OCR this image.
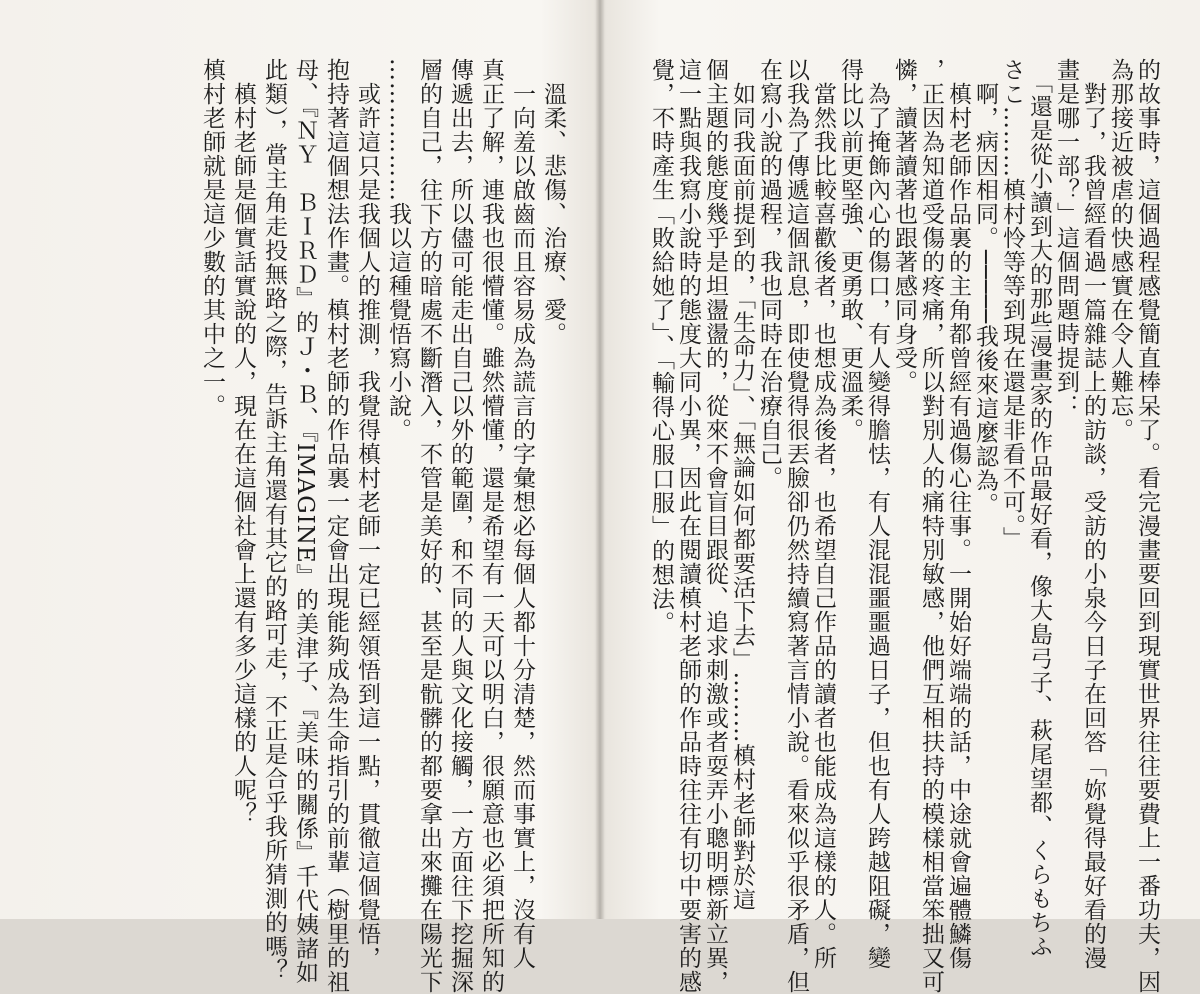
的故事時，這個過程感覺簡直棒呆了。看完漫畫要回到現實世界往往要費上一番功夫，因
為那接近被虐的快感實在令人難忘。
　對了，我曾經看過一篇雜誌上的訪談，受訪的小泉今日子在回答「妳覺得最好看的漫
畫是哪一部？」這個問題時提到：
　「還是從小讀到大的那些漫畫家的作品最好看，像大島弓子、萩尾望都、くらもちふ
さこ………槙村怜等等到現在還是非看不可。」
　啊，病因相同。─────我後來這麼認為。
　槙村老師作品裏的主角都曾經有過傷心往事。一開始好端端的話，中途就會遍體鱗傷
，正因為知道受傷的疼痛，所以對別人的痛特別敏感，他們互相扶持的模樣相當笨拙又可
憐，讀著讀著也跟著感同身受。
　為了掩飾內心的傷口，有人變得膽怯，有人混混噩噩過日子，但也有人跨越阻礙，變
得比以前更堅強、更勇敢、更溫柔。
　當然我比較喜歡後者，也想成為後者，也希望自己作品的讀者也能成為這樣的人。所
以我為了傳遞這個訊息，即使覺得很丟臉卻仍然持續寫著言情小說。看來似乎很矛盾，但
在寫小說的過程，我也同時在治療自己。
　如同我面前提到的，「生命力」、「無論如何都要活下去」………槙村老師對於這
個主題的態度幾乎是坦盪盪的，從來不會盲目跟從、追求刺激或者耍弄小聰明標新立異，
這一點與我寫小說時的態度大同小異，因此在閱讀槙村老師的作品時往往有切中要害的感
覺，不時產生「敗給她了」、「輸得心服口服」的想法。
　溫柔、悲傷、治療、愛。
　一向羞以啟齒而且容易成為謊言的字彙想必每個人都十分清楚，然而事實上，沒有人
真正了解，連我也很懵懂。雖然懵懂，還是希望有一天可以明白，很願意也必須把所知的
傳遞出去，所以儘可能走出自己以外的範圍，和不同的人與文化接觸，一方面往下挖掘深
層的自己，往下方的暗處不斷潛入，不管是美好的、甚至是骯髒的都要拿出來攤在陽光下
………………我以這種覺悟寫小說。
　或許這只是我個人的推測，我覺得槙村老師一定已經領悟到這一點，貫徹這個覺悟，
抱持著這個想法作畫。槙村老師的作品裏一定會出現能夠成為生命指引的前輩（樹里的祖
母、『ＮＹ　ＢＩＲＤ』的Ｊ・Ｂ、『IMAGINE』的美津子、『美味的關係』千代姨諸如
此類），當主角走投無路之際，告訴主角還有其它的路可走，不正是合乎我所猜測的嗎？
　槙村老師是個實話實說的人，現在在這個社會上還有多少這樣的人呢？
槙村老師就是這少數的其中之一。
